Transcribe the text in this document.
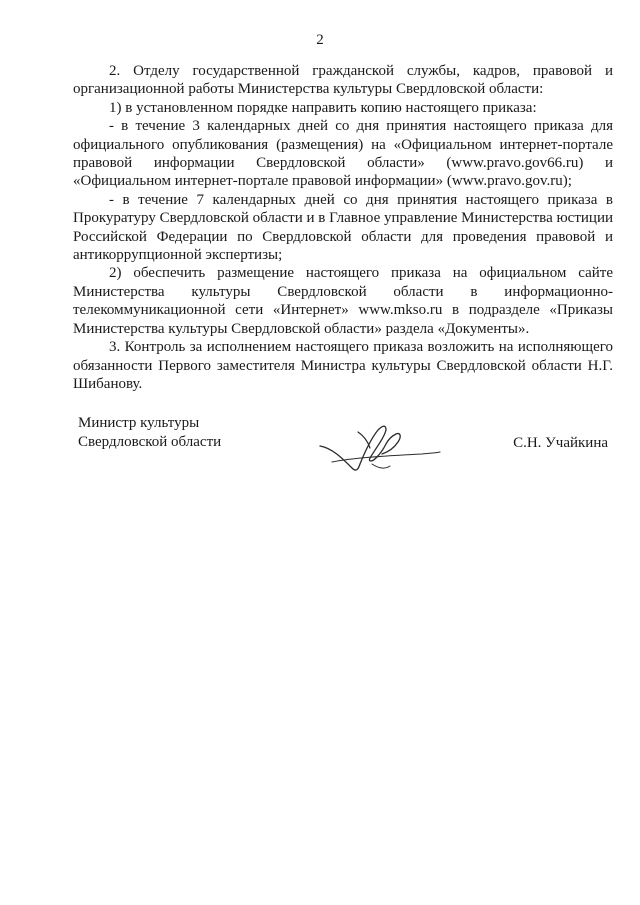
2

2. Отделу государственной гражданской службы, кадров, правовой и организационной работы Министерства культуры Свердловской области:

1) в установленном порядке направить копию настоящего приказа:

- в течение 3 календарных дней со дня принятия настоящего приказа для официального опубликования (размещения) на «Официальном интернет-портале правовой информации Свердловской области» (www.pravo.gov66.ru) и «Официальном интернет-портале правовой информации» (www.pravo.gov.ru);

- в течение 7 календарных дней со дня принятия настоящего приказа в Прокуратуру Свердловской области и в Главное управление Министерства юстиции Российской Федерации по Свердловской области для проведения правовой и антикоррупционной экспертизы;

2) обеспечить размещение настоящего приказа на официальном сайте Министерства культуры Свердловской области в информационно-телекоммуникационной сети «Интернет» www.mkso.ru в подразделе «Приказы Министерства культуры Свердловской области» раздела «Документы».

3. Контроль за исполнением настоящего приказа возложить на исполняющего обязанности Первого заместителя Министра культуры Свердловской области Н.Г. Шибанову.

Министр культуры
Свердловской области	С.Н. Учайкина
